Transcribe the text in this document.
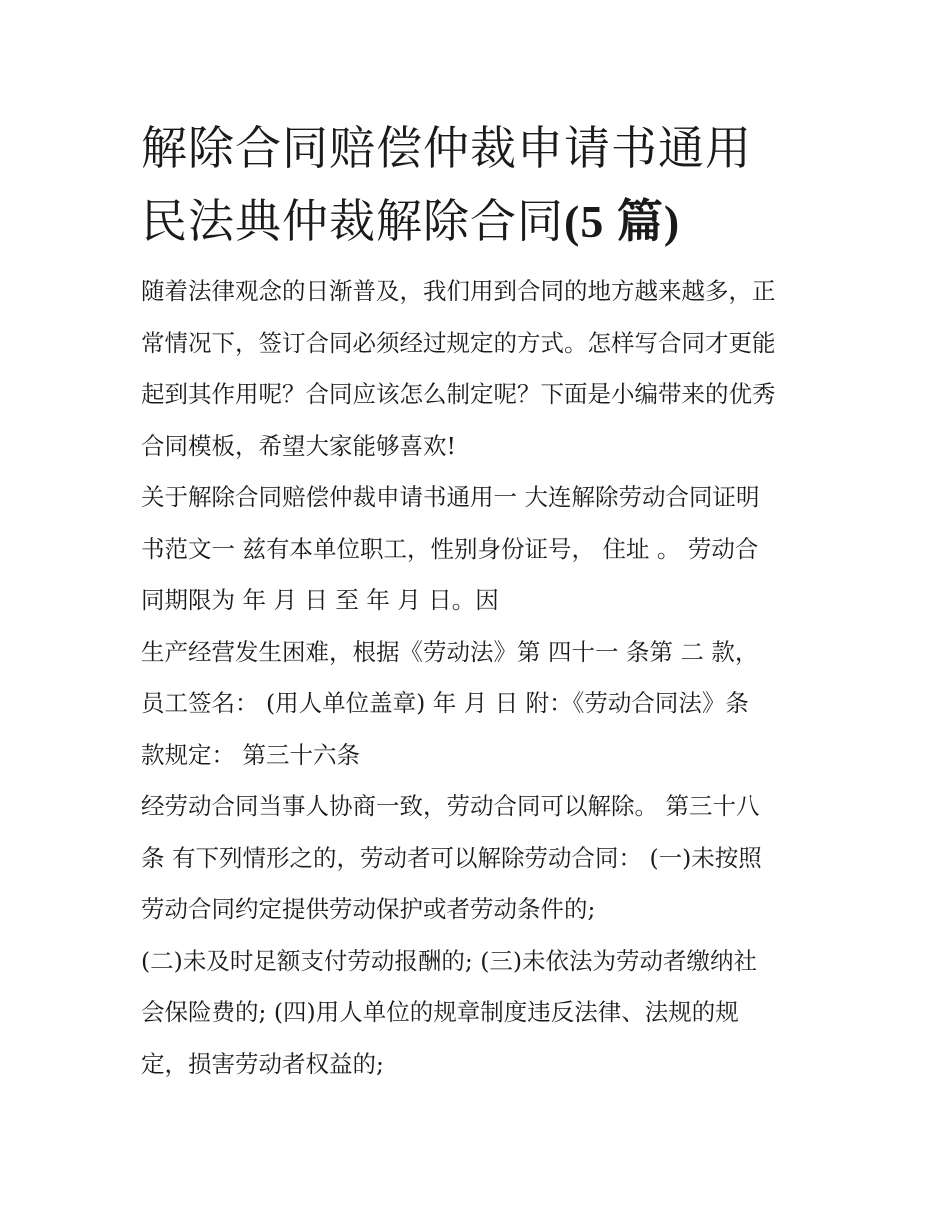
解除合同赔偿仲裁申请书通用
民法典仲裁解除合同(5 篇)

随着法律观念的日渐普及，我们用到合同的地方越来越多，正
常情况下，签订合同必须经过规定的方式。怎样写合同才更能
起到其作用呢？合同应该怎么制定呢？下面是小编带来的优秀
合同模板，希望大家能够喜欢!

关于解除合同赔偿仲裁申请书通用一 大连解除劳动合同证明
书范文一 兹有本单位职工，性别身份证号， 住址 。 劳动合
同期限为 年 月 日 至 年 月 日。因

生产经营发生困难，根据《劳动法》第 四十一 条第 二 款，
员工签名： (用人单位盖章) 年 月 日 附：《劳动合同法》条
款规定： 第三十六条

经劳动合同当事人协商一致，劳动合同可以解除。 第三十八
条 有下列情形之的，劳动者可以解除劳动合同： (一)未按照
劳动合同约定提供劳动保护或者劳动条件的;

(二)未及时足额支付劳动报酬的; (三)未依法为劳动者缴纳社
会保险费的; (四)用人单位的规章制度违反法律、法规的规
定，损害劳动者权益的;
